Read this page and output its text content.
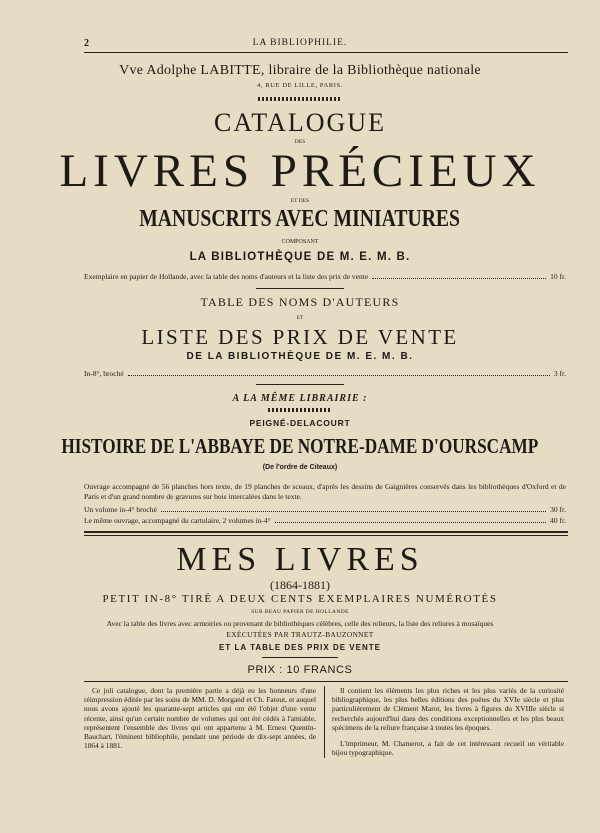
2	LA BIBLIOPHILIE.
Vve Adolphe LABITTE, libraire de la Bibliothèque nationale
4, RUE DE LILLE, PARIS.
CATALOGUE
DES
LIVRES PRÉCIEUX
ET DES
MANUSCRITS AVEC MINIATURES
COMPOSANT
LA BIBLIOTHÈQUE DE M. E. M. B.
Exemplaire en papier de Hollande, avec la table des noms d'auteurs et la liste des prix de vente	10 fr.
TABLE DES NOMS D'AUTEURS
ET
LISTE DES PRIX DE VENTE
DE LA BIBLIOTHÈQUE DE M. E. M. B.
In-8°, broché	3 fr.
A LA MÊME LIBRAIRIE :
PEIGNÉ-DELACOURT
HISTOIRE DE L'ABBAYE DE NOTRE-DAME D'OURSCAMP
(De l'ordre de Citeaux)
Ouvrage accompagné de 56 planches hors texte, de 19 planches de sceaux, d'après les dessins de Gaignières conservés dans les bibliothèques d'Oxford et de Paris et d'un grand nombre de gravures sur bois intercalées dans le texte.
Un volume in-4° broché	30 fr.
Le même ouvrage, accompagné du cartulaire, 2 volumes in-4°	40 fr.
MES LIVRES
(1864-1881)
PETIT IN-8° TIRÉ A DEUX CENTS EXEMPLAIRES NUMÉROTÉS
SUR BEAU PAPIER DE HOLLANDE
Avec la table des livres avec armoiries ou provenant de bibliothèques célèbres, celle des relieurs, la liste des reliures à mosaïques
EXÉCUTÉES PAR TRAUTZ-BAUZONNET
ET LA TABLE DES PRIX DE VENTE
PRIX : 10 FRANCS
Ce joli catalogue, dont la première partie a déjà eu les honneurs d'une réimpression éditée par les soins de MM. D. Morgand et Ch. Fatout, et auquel nous avons ajouté les quarante-sept articles qui ont été l'objet d'une vente récente, ainsi qu'un certain nombre de volumes qui ont été cédés à l'amiable, représentent l'ensemble des livres qui ont appartenu à M. Ernest Quentin-Bauchart, l'éminent bibliophile, pendant une période de dix-sept années, de 1864 à 1881.
Il contient les éléments les plus riches et les plus variés de la curiosité bibliographique, les plus belles éditions des poëtes du XVIe siècle et plus particulièrement de Clément Marot, les livres à figures du XVIIIe siècle si recherchés aujourd'hui dans des conditions exceptionnelles et les plus beaux spécimens de la reliure française à toutes les époques.
L'imprimeur, M. Chamerot, a fait de cet intéressant recueil un véritable bijou typographique.
